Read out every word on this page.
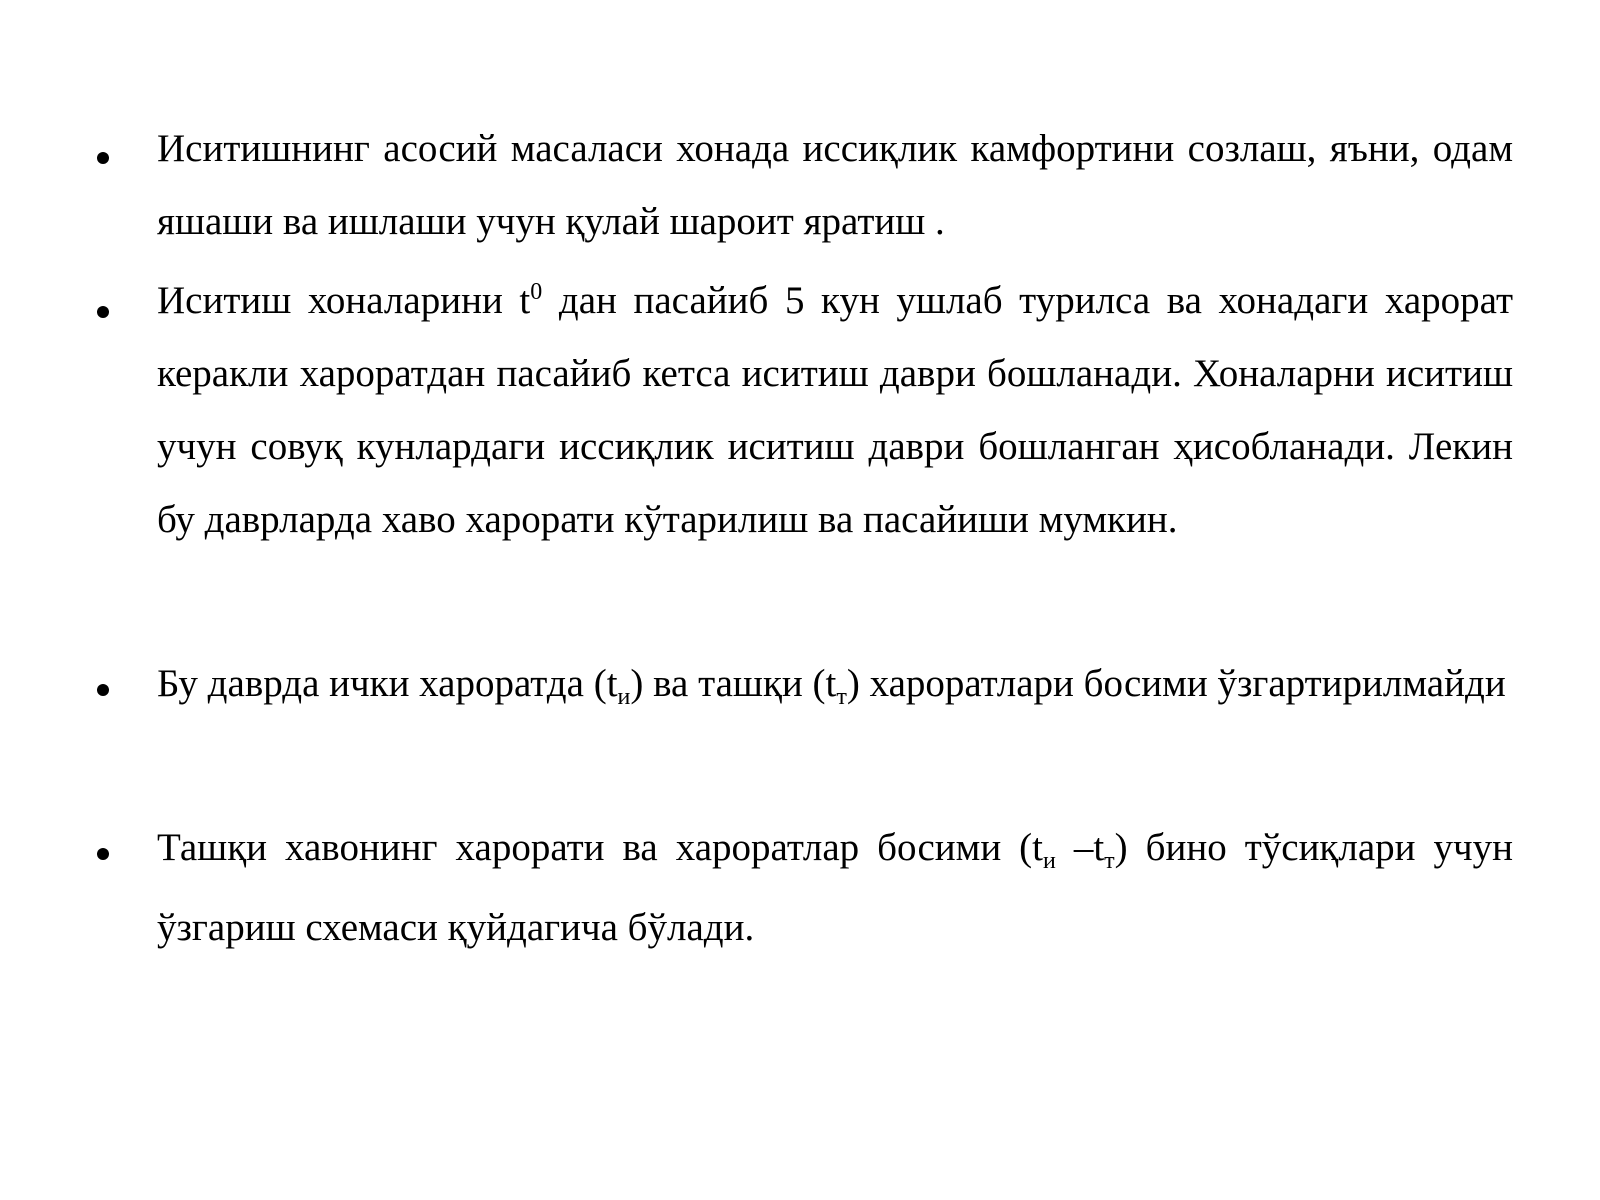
Иситишнинг асосий масаласи хонада иссиқлик камфортини созлаш, яъни, одам яшаши ва ишлаши учун қулай шароит яратиш .

Иситиш хоналарини $t^0$ дан пасайиб 5 кун ушлаб турилса ва хонадаги харорат керакли хароратдан пасайиб кетса иситиш даври бошланади. Хоналарни иситиш учун совуқ кунлардаги иссиқлик иситиш даври бошланган ҳисобланади. Лекин бу даврларда хаво харорати кўтарилиш ва пасайиши мумкин.

Бу даврда ички хароратда $(t_и)$ ва ташқи $(t_т)$ хароратлари босими ўзгартирилмайди

Ташқи хавонинг харорати ва хароратлар босими ($t_и$ $-t_т$) бино тўсиқлари учун ўзгариш схемаси қуйдагича бўлади.
